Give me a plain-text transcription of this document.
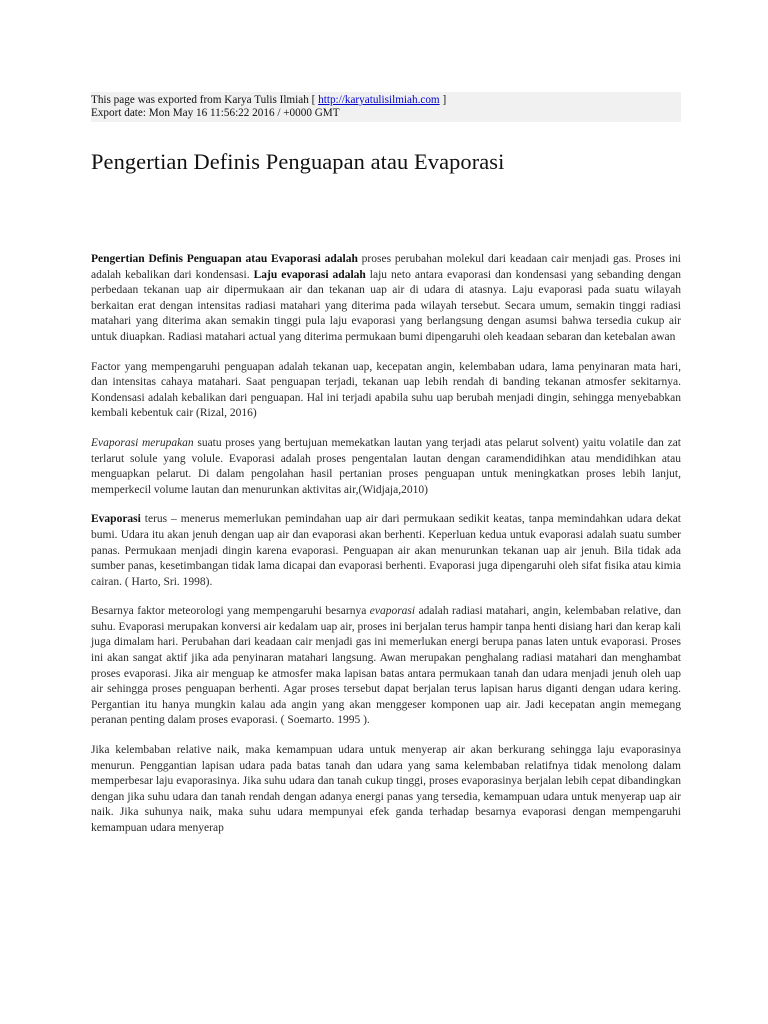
This page was exported from Karya Tulis Ilmiah [ http://karyatulisilmiah.com ]
Export date: Mon May 16 11:56:22 2016 / +0000 GMT
Pengertian Definis Penguapan atau Evaporasi

Pengertian Definis Penguapan atau Evaporasi adalah proses perubahan molekul dari keadaan cair menjadi gas. Proses ini adalah kebalikan dari kondensasi. Laju evaporasi adalah laju neto antara evaporasi dan kondensasi yang sebanding dengan perbedaan tekanan uap air dipermukaan air dan tekanan uap air di udara di atasnya. Laju evaporasi pada suatu wilayah berkaitan erat dengan intensitas radiasi matahari yang diterima pada wilayah tersebut. Secara umum, semakin tinggi radiasi matahari yang diterima akan semakin tinggi pula laju evaporasi yang berlangsung dengan asumsi bahwa tersedia cukup air untuk diuapkan. Radiasi matahari actual yang diterima permukaan bumi dipengaruhi oleh keadaan sebaran dan ketebalan awan

Factor yang mempengaruhi penguapan adalah tekanan uap, kecepatan angin, kelembaban udara, lama penyinaran mata hari, dan intensitas cahaya matahari. Saat penguapan terjadi, tekanan uap lebih rendah di banding tekanan atmosfer sekitarnya. Kondensasi adalah kebalikan dari penguapan. Hal ini terjadi apabila suhu uap berubah menjadi dingin, sehingga menyebabkan kembali kebentuk cair (Rizal, 2016)

Evaporasi merupakan suatu proses yang bertujuan memekatkan lautan yang terjadi atas pelarut solvent) yaitu volatile dan zat terlarut solule yang volule. Evaporasi adalah proses pengentalan lautan dengan caramendidihkan atau mendidihkan atau menguapkan pelarut. Di dalam pengolahan hasil pertanian proses penguapan untuk meningkatkan proses lebih lanjut, memperkecil volume lautan dan menurunkan aktivitas air,(Widjaja,2010)

Evaporasi terus – menerus memerlukan pemindahan uap air dari permukaan sedikit keatas, tanpa memindahkan udara dekat bumi. Udara itu akan jenuh dengan uap air dan evaporasi akan berhenti. Keperluan kedua untuk evaporasi adalah suatu sumber panas. Permukaan menjadi dingin karena evaporasi. Penguapan air akan menurunkan tekanan uap air jenuh. Bila tidak ada sumber panas, kesetimbangan tidak lama dicapai dan evaporasi berhenti. Evaporasi juga dipengaruhi oleh sifat fisika atau kimia cairan. ( Harto, Sri. 1998).

Besarnya faktor meteorologi yang mempengaruhi besarnya evaporasi adalah radiasi matahari, angin, kelembaban relative, dan suhu. Evaporasi merupakan konversi air kedalam uap air, proses ini berjalan terus hampir tanpa henti disiang hari dan kerap kali juga dimalam hari. Perubahan dari keadaan cair menjadi gas ini memerlukan energi berupa panas laten untuk evaporasi. Proses ini akan sangat aktif jika ada penyinaran matahari langsung. Awan merupakan penghalang radiasi matahari dan menghambat proses evaporasi. Jika air menguap ke atmosfer maka lapisan batas antara permukaan tanah dan udara menjadi jenuh oleh uap air sehingga proses penguapan berhenti. Agar proses tersebut dapat berjalan terus lapisan harus diganti dengan udara kering. Pergantian itu hanya mungkin kalau ada angin yang akan menggeser komponen uap air. Jadi kecepatan angin memegang peranan penting dalam proses evaporasi. ( Soemarto. 1995 ).

Jika kelembaban relative naik, maka kemampuan udara untuk menyerap air akan berkurang sehingga laju evaporasinya menurun. Penggantian lapisan udara pada batas tanah dan udara yang sama kelembaban relatifnya tidak menolong dalam memperbesar laju evaporasinya. Jika suhu udara dan tanah cukup tinggi, proses evaporasinya berjalan lebih cepat dibandingkan dengan jika suhu udara dan tanah rendah dengan adanya energi panas yang tersedia, kemampuan udara untuk menyerap uap air naik. Jika suhunya naik, maka suhu udara mempunyai efek ganda terhadap besarnya evaporasi dengan mempengaruhi kemampuan udara menyerap
